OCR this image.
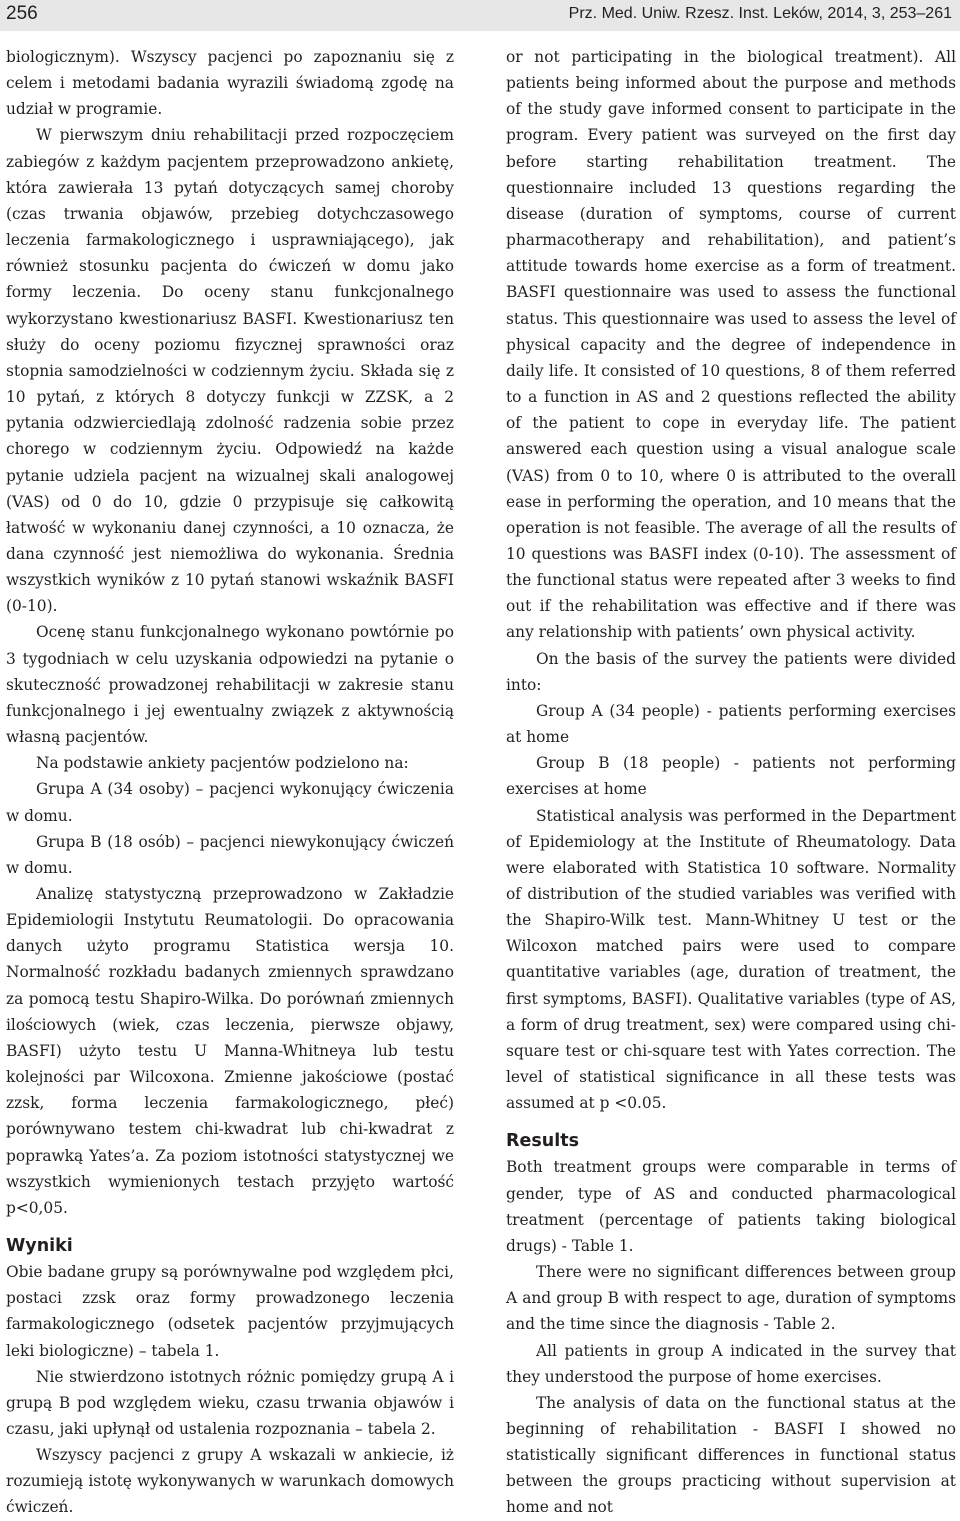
256	Prz. Med. Uniw. Rzesz. Inst. Leków, 2014, 3, 253–261

biologicznym). Wszyscy pacjenci po zapoznaniu się z celem i metodami badania wyrazili świadomą zgodę na udział w programie.

W pierwszym dniu rehabilitacji przed rozpoczęciem zabiegów z każdym pacjentem przeprowadzono ankietę, która zawierała 13 pytań dotyczących samej choroby (czas trwania objawów, przebieg dotychczasowego leczenia farmakologicznego i usprawniającego), jak również stosunku pacjenta do ćwiczeń w domu jako formy leczenia. Do oceny stanu funkcjonalnego wykorzystano kwestionariusz BASFI. Kwestionariusz ten służy do oceny poziomu fizycznej sprawności oraz stopnia samodzielności w codziennym życiu. Składa się z 10 pytań, z których 8 dotyczy funkcji w ZZSK, a 2 pytania odzwierciedlają zdolność radzenia sobie przez chorego w codziennym życiu. Odpowiedź na każde pytanie udziela pacjent na wizualnej skali analogowej (VAS) od 0 do 10, gdzie 0 przypisuje się całkowitą łatwość w wykonaniu danej czynności, a 10 oznacza, że dana czynność jest niemożliwa do wykonania. Średnia wszystkich wyników z 10 pytań stanowi wskaźnik BASFI (0-10).

Ocenę stanu funkcjonalnego wykonano powtórnie po 3 tygodniach w celu uzyskania odpowiedzi na pytanie o skuteczność prowadzonej rehabilitacji w zakresie stanu funkcjonalnego i jej ewentualny związek z aktywnością własną pacjentów.

Na podstawie ankiety pacjentów podzielono na:

Grupa A (34 osoby) – pacjenci wykonujący ćwiczenia w domu.

Grupa B (18 osób) – pacjenci niewykonujący ćwiczeń w domu.

Analizę statystyczną przeprowadzono w Zakładzie Epidemiologii Instytutu Reumatologii. Do opracowania danych użyto programu Statistica wersja 10. Normalność rozkładu badanych zmiennych sprawdzano za pomocą testu Shapiro-Wilka. Do porównań zmiennych ilościowych (wiek, czas leczenia, pierwsze objawy, BASFI) użyto testu U Manna-Whitneya lub testu kolejności par Wilcoxona. Zmienne jakościowe (postać zzsk, forma leczenia farmakologicznego, płeć) porównywano testem chi-kwadrat lub chi-kwadrat z poprawką Yates’a. Za poziom istotności statystycznej we wszystkich wymienionych testach przyjęto wartość p<0,05.

Wyniki

Obie badane grupy są porównywalne pod względem płci, postaci zzsk oraz formy prowadzonego leczenia farmakologicznego (odsetek pacjentów przyjmujących leki biologiczne) – tabela 1.

Nie stwierdzono istotnych różnic pomiędzy grupą A i grupą B pod względem wieku, czasu trwania objawów i czasu, jaki upłynął od ustalenia rozpoznania – tabela 2.

Wszyscy pacjenci z grupy A wskazali w ankiecie, iż rozumieją istotę wykonywanych w warunkach domowych ćwiczeń.

or not participating in the biological treatment). All patients being informed about the purpose and methods of the study gave informed consent to participate in the program. Every patient was surveyed on the first day before starting rehabilitation treatment. The questionnaire included 13 questions regarding the disease (duration of symptoms, course of current pharmacotherapy and rehabilitation), and patient’s attitude towards home exercise as a form of treatment. BASFI questionnaire was used to assess the functional status. This questionnaire was used to assess the level of physical capacity and the degree of independence in daily life. It consisted of 10 questions, 8 of them referred to a function in AS and 2 questions reflected the ability of the patient to cope in everyday life. The patient answered each question using a visual analogue scale (VAS) from 0 to 10, where 0 is attributed to the overall ease in performing the operation, and 10 means that the operation is not feasible. The average of all the results of 10 questions was BASFI index (0-10). The assessment of the functional status were repeated after 3 weeks to find out if the rehabilitation was effective and if there was any relationship with patients’ own physical activity.

On the basis of the survey the patients were divided into:

Group A (34 people) - patients performing exercises at home

Group B (18 people) - patients not performing exercises at home

Statistical analysis was performed in the Department of Epidemiology at the Institute of Rheumatology. Data were elaborated with Statistica 10 software. Normality of distribution of the studied variables was verified with the Shapiro-Wilk test. Mann-Whitney U test or the Wilcoxon matched pairs were used to compare quantitative variables (age, duration of treatment, the first symptoms, BASFI). Qualitative variables (type of AS, a form of drug treatment, sex) were compared using chi-square test or chi-square test with Yates correction. The level of statistical significance in all these tests was assumed at p <0.05.

Results

Both treatment groups were comparable in terms of gender, type of AS and conducted pharmacological treatment (percentage of patients taking biological drugs) - Table 1.

There were no significant differences between group A and group B with respect to age, duration of symptoms and the time since the diagnosis - Table 2.

All patients in group A indicated in the survey that they understood the purpose of home exercises.

The analysis of data on the functional status at the beginning of rehabilitation - BASFI I showed no statistically significant differences in functional status between the groups practicing without supervision at home and not
